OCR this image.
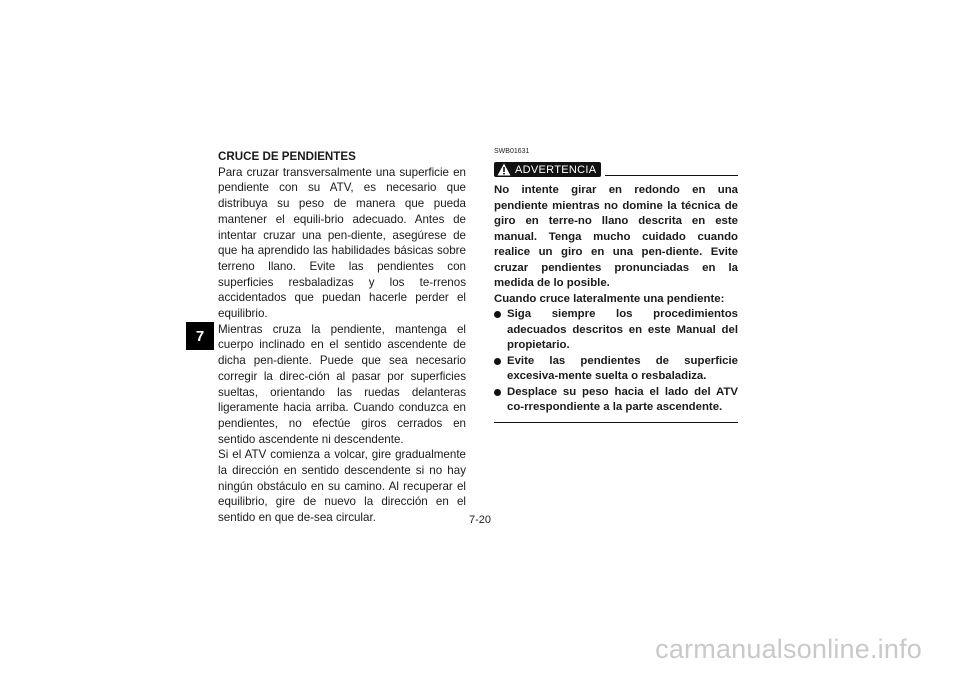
7
CRUCE DE PENDIENTES

Para cruzar transversalmente una superficie en pendiente con su ATV, es necesario que distribuya su peso de manera que pueda mantener el equili-brio adecuado. Antes de intentar cruzar una pen-diente, asegúrese de que ha aprendido las habilidades básicas sobre terreno llano. Evite las pendientes con superficies resbaladizas y los te-rrenos accidentados que puedan hacerle perder el equilibrio.

Mientras cruza la pendiente, mantenga el cuerpo inclinado en el sentido ascendente de dicha pen-diente. Puede que sea necesario corregir la direc-ción al pasar por superficies sueltas, orientando las ruedas delanteras ligeramente hacia arriba. Cuando conduzca en pendientes, no efectúe giros cerrados en sentido ascendente ni descendente.

Si el ATV comienza a volcar, gire gradualmente la dirección en sentido descendente si no hay ningún obstáculo en su camino. Al recuperar el equilibrio, gire de nuevo la dirección en el sentido en que de-sea circular.

SWB01631
ADVERTENCIA

No intente girar en redondo en una pendiente mientras no domine la técnica de giro en terre-no llano descrita en este manual. Tenga mucho cuidado cuando realice un giro en una pen-diente. Evite cruzar pendientes pronunciadas en la medida de lo posible.

Cuando cruce lateralmente una pendiente:

Siga siempre los procedimientos adecuados descritos en este Manual del propietario.
Evite las pendientes de superficie excesiva-mente suelta o resbaladiza.
Desplace su peso hacia el lado del ATV co-rrespondiente a la parte ascendente.
7-20
carmanualsonline.info
